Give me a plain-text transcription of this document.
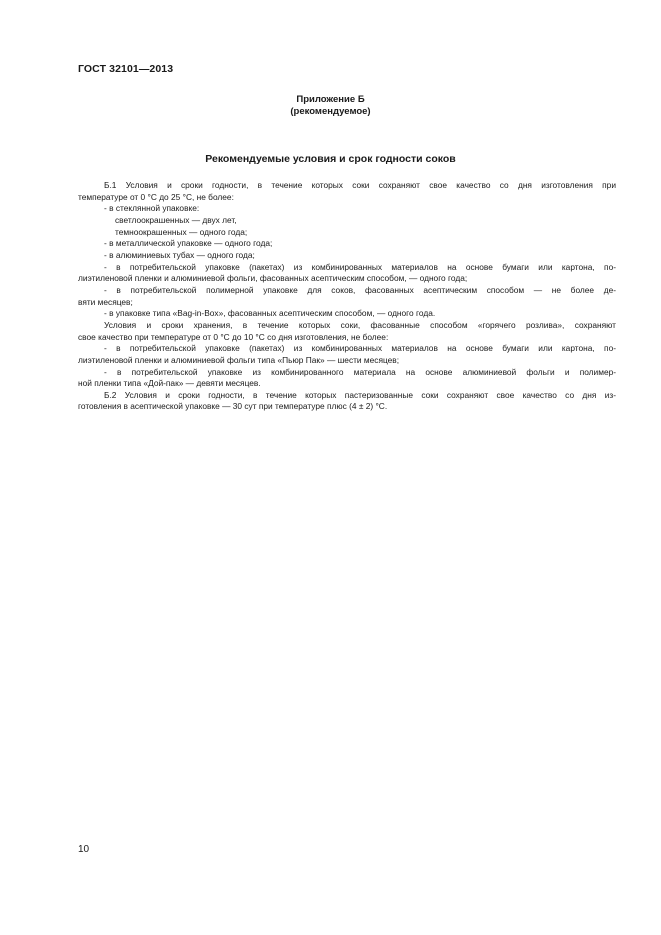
ГОСТ 32101—2013
Приложение Б
(рекомендуемое)
Рекомендуемые условия и срок годности соков
Б.1 Условия и сроки годности, в течение которых соки сохраняют свое качество со дня изготовления при
температуре от 0 °С до 25 °С, не более:
- в стеклянной упаковке:
светлоокрашенных — двух лет,
темноокрашенных — одного года;
- в металлической упаковке — одного года;
- в алюминиевых тубах — одного года;
- в потребительской упаковке (пакетах) из комбинированных материалов на основе бумаги или картона, по-
лиэтиленовой пленки и алюминиевой фольги, фасованных асептическим способом, — одного года;
- в потребительской полимерной упаковке для соков, фасованных асептическим способом — не более де-
вяти месяцев;
- в упаковке типа «Bag-in-Box», фасованных асептическим способом, — одного года.
Условия и сроки хранения, в течение которых соки, фасованные способом «горячего розлива», сохраняют
свое качество при температуре от 0 °С до 10 °С со дня изготовления, не более:
- в потребительской упаковке (пакетах) из комбинированных материалов на основе бумаги или картона, по-
лиэтиленовой пленки и алюминиевой фольги типа «Пьюр Пак» — шести месяцев;
- в потребительской упаковке из комбинированного материала на основе алюминиевой фольги и полимер-
ной пленки типа «Дой-пак» — девяти месяцев.
Б.2 Условия и сроки годности, в течение которых пастеризованные соки сохраняют свое качество со дня из-
готовления в асептической упаковке — 30 сут при температуре плюс (4 ± 2) °С.
10
